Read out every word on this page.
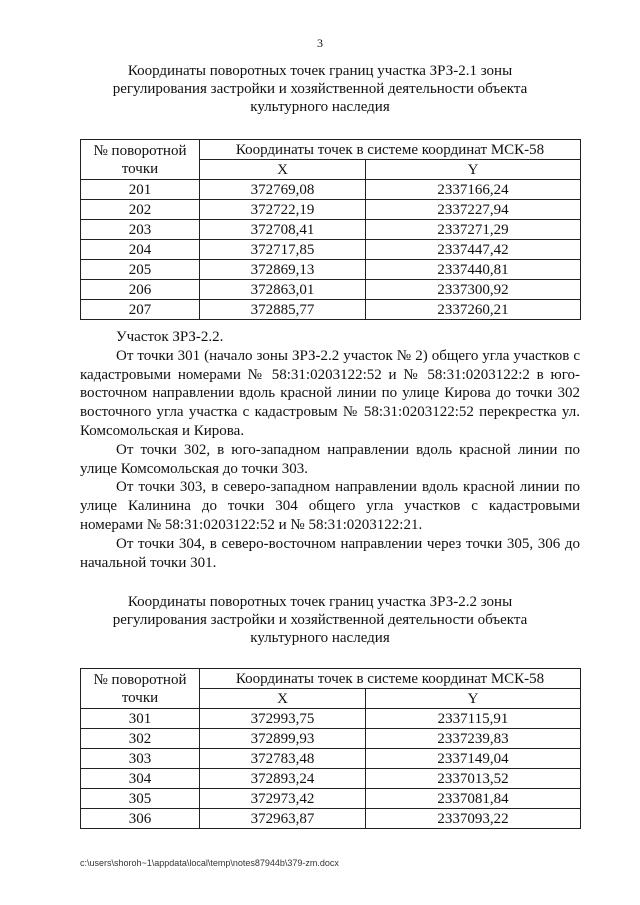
3
Координаты поворотных точек границ участка ЗРЗ-2.1 зоны
регулирования застройки и хозяйственной деятельности объекта
культурного наследия
№ поворотной
точки	Координаты точек в системе координат МСК-58	
	X	Y
201	372769,08	2337166,24
202	372722,19	2337227,94
203	372708,41	2337271,29
204	372717,85	2337447,42
205	372869,13	2337440,81
206	372863,01	2337300,92
207	372885,77	2337260,21

Участок ЗРЗ-2.2.

От точки 301 (начало зоны ЗРЗ-2.2 участок № 2) общего угла участков с кадастровыми номерами № 58:31:0203122:52 и № 58:31:0203122:2 в юго-восточном направлении вдоль красной линии по улице Кирова до точки 302 восточного угла участка с кадастровым № 58:31:0203122:52 перекрестка ул. Комсомольская и Кирова.

От точки 302, в юго-западном направлении вдоль красной линии по улице Комсомольская до точки 303.

От точки 303, в северо-западном направлении вдоль красной линии по улице Калинина до точки 304 общего угла участков с кадастровыми номерами № 58:31:0203122:52 и № 58:31:0203122:21.

От точки 304, в северо-восточном направлении через точки 305, 306 до начальной точки 301.

Координаты поворотных точек границ участка ЗРЗ-2.2 зоны
регулирования застройки и хозяйственной деятельности объекта
культурного наследия
№ поворотной
точки	Координаты точек в системе координат МСК-58	
	X	Y
301	372993,75	2337115,91
302	372899,93	2337239,83
303	372783,48	2337149,04
304	372893,24	2337013,52
305	372973,42	2337081,84
306	372963,87	2337093,22
c:\users\shoroh~1\appdata\local\temp\notes87944b\379-zm.docx
